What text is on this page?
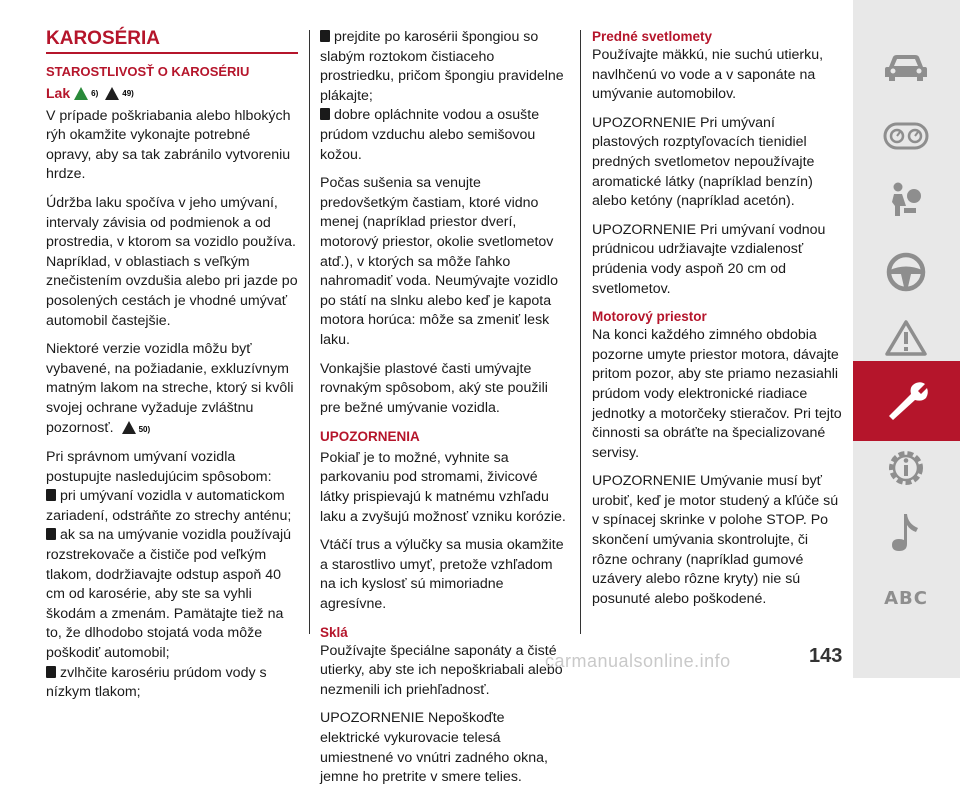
KAROSÉRIA
STAROSTLIVOSŤ O KAROSÉRIU
Lak	6)	49)

V prípade poškriabania alebo hlbokých rýh okamžite vykonajte potrebné opravy, aby sa tak zabránilo vytvoreniu hrdze.

Údržba laku spočíva v jeho umývaní, intervaly závisia od podmienok a od prostredia, v ktorom sa vozidlo používa. Napríklad, v oblastiach s veľkým znečistením ovzdušia alebo pri jazde po posolených cestách je vhodné umývať automobil častejšie.

Niektoré verzie vozidla môžu byť vybavené, na požiadanie, exkluzívnym matným lakom na streche, ktorý si kvôli svojej ochrane vyžaduje zvláštnu pozornosť.	50)

Pri správnom umývaní vozidla postupujte nasledujúcim spôsobom:

pri umývaní vozidla v automatickom zariadení, odstráňte zo strechy anténu;
ak sa na umývanie vozidla používajú rozstrekovače a čističe pod veľkým tlakom, dodržiavajte odstup aspoň 40 cm od karosérie, aby ste sa vyhli škodám a zmenám. Pamätajte tiež na to, že dlhodobo stojatá voda môže poškodiť automobil;
zvlhčite karosériu prúdom vody s nízkym tlakom;
prejdite po karosérii špongiou so slabým roztokom čistiaceho prostriedku, pričom špongiu pravidelne plákajte;
dobre opláchnite vodou a osušte prúdom vzduchu alebo semišovou kožou.

Počas sušenia sa venujte predovšetkým častiam, ktoré vidno menej (napríklad priestor dverí, motorový priestor, okolie svetlometov atď.), v ktorých sa môže ľahko nahromadiť voda. Neumývajte vozidlo po státí na slnku alebo keď je kapota motora horúca: môže sa zmeniť lesk laku.

Vonkajšie plastové časti umývajte rovnakým spôsobom, aký ste použili pre bežné umývanie vozidla.

UPOZORNENIA

Pokiaľ je to možné, vyhnite sa parkovaniu pod stromami, živicové látky prispievajú k matnému vzhľadu laku a zvyšujú možnosť vzniku korózie.

Vtáčí trus a výlučky sa musia okamžite a starostlivo umyť, pretože vzhľadom na ich kyslosť sú mimoriadne agresívne.

Sklá

Používajte špeciálne saponáty a čisté utierky, aby ste ich nepoškriabali alebo nezmenili ich priehľadnosť.

UPOZORNENIE Nepoškoďte elektrické vykurovacie telesá umiestnené vo vnútri zadného okna, jemne ho pretrite v smere telies.

Predné svetlomety

Používajte mäkkú, nie suchú utierku, navlhčenú vo vode a v saponáte na umývanie automobilov.

UPOZORNENIE Pri umývaní plastových rozptyľovacích tienidiel predných svetlometov nepoužívajte aromatické látky (napríklad benzín) alebo ketóny (napríklad acetón).

UPOZORNENIE Pri umývaní vodnou prúdnicou udržiavajte vzdialenosť prúdenia vody aspoň 20 cm od svetlometov.

Motorový priestor

Na konci každého zimného obdobia pozorne umyte priestor motora, dávajte pritom pozor, aby ste priamo nezasiahli prúdom vody elektronické riadiace jednotky a motorčeky stieračov. Pri tejto činnosti sa obráťte na špecializované servisy.

UPOZORNENIE Umývanie musí byť urobiť, keď je motor studený a kľúče sú v spínacej skrinke v polohe STOP. Po skončení umývania skontrolujte, či rôzne ochrany (napríklad gumové uzávery alebo rôzne kryty) nie sú posunuté alebo poškodené.	ABC
carmanualsonline.info	143
